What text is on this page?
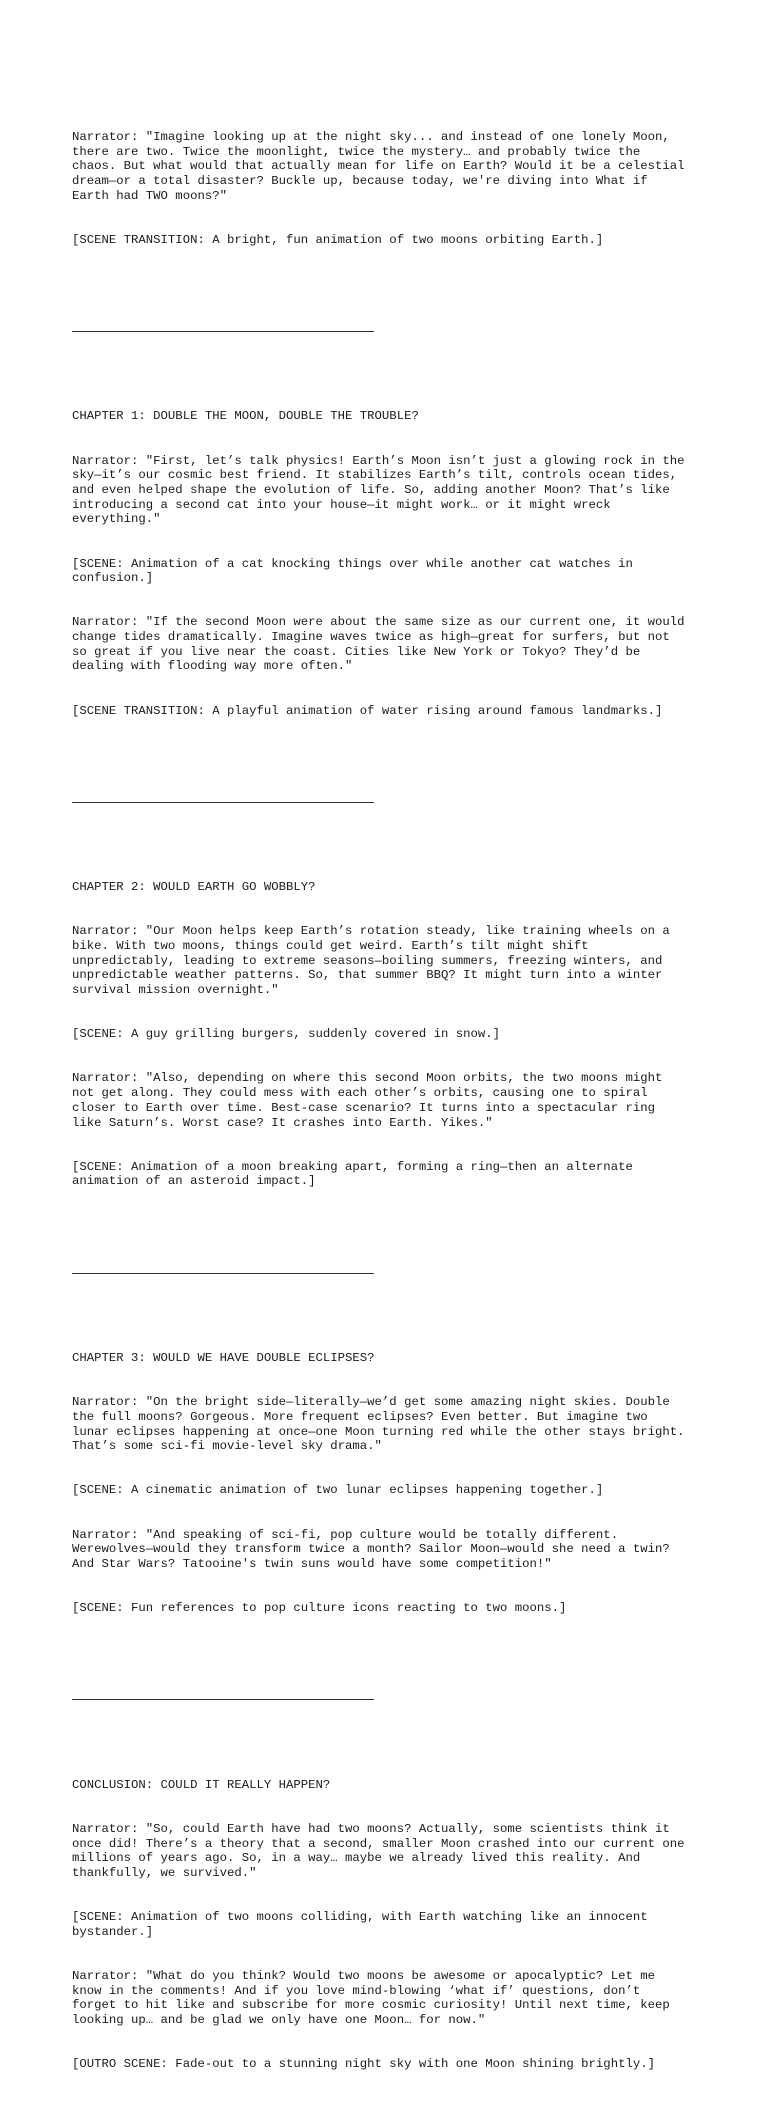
Narrator: "Imagine looking up at the night sky... and instead of one lonely Moon,
there are two. Twice the moonlight, twice the mystery… and probably twice the
chaos. But what would that actually mean for life on Earth? Would it be a celestial
dream—or a total disaster? Buckle up, because today, we're diving into What if
Earth had TWO moons?"

[SCENE TRANSITION: A bright, fun animation of two moons orbiting Earth.]

CHAPTER 1: DOUBLE THE MOON, DOUBLE THE TROUBLE?

Narrator: "First, let’s talk physics! Earth’s Moon isn’t just a glowing rock in the
sky—it’s our cosmic best friend. It stabilizes Earth’s tilt, controls ocean tides,
and even helped shape the evolution of life. So, adding another Moon? That’s like
introducing a second cat into your house—it might work… or it might wreck
everything."

[SCENE: Animation of a cat knocking things over while another cat watches in
confusion.]

Narrator: "If the second Moon were about the same size as our current one, it would
change tides dramatically. Imagine waves twice as high—great for surfers, but not
so great if you live near the coast. Cities like New York or Tokyo? They’d be
dealing with flooding way more often."

[SCENE TRANSITION: A playful animation of water rising around famous landmarks.]

CHAPTER 2: WOULD EARTH GO WOBBLY?

Narrator: "Our Moon helps keep Earth’s rotation steady, like training wheels on a
bike. With two moons, things could get weird. Earth’s tilt might shift
unpredictably, leading to extreme seasons—boiling summers, freezing winters, and
unpredictable weather patterns. So, that summer BBQ? It might turn into a winter
survival mission overnight."

[SCENE: A guy grilling burgers, suddenly covered in snow.]

Narrator: "Also, depending on where this second Moon orbits, the two moons might
not get along. They could mess with each other’s orbits, causing one to spiral
closer to Earth over time. Best-case scenario? It turns into a spectacular ring
like Saturn’s. Worst case? It crashes into Earth. Yikes."

[SCENE: Animation of a moon breaking apart, forming a ring—then an alternate
animation of an asteroid impact.]

CHAPTER 3: WOULD WE HAVE DOUBLE ECLIPSES?

Narrator: "On the bright side—literally—we’d get some amazing night skies. Double
the full moons? Gorgeous. More frequent eclipses? Even better. But imagine two
lunar eclipses happening at once—one Moon turning red while the other stays bright.
That’s some sci-fi movie-level sky drama."

[SCENE: A cinematic animation of two lunar eclipses happening together.]

Narrator: "And speaking of sci-fi, pop culture would be totally different.
Werewolves—would they transform twice a month? Sailor Moon—would she need a twin?
And Star Wars? Tatooine's twin suns would have some competition!"

[SCENE: Fun references to pop culture icons reacting to two moons.]

CONCLUSION: COULD IT REALLY HAPPEN?

Narrator: "So, could Earth have had two moons? Actually, some scientists think it
once did! There’s a theory that a second, smaller Moon crashed into our current one
millions of years ago. So, in a way… maybe we already lived this reality. And
thankfully, we survived."

[SCENE: Animation of two moons colliding, with Earth watching like an innocent
bystander.]

Narrator: "What do you think? Would two moons be awesome or apocalyptic? Let me
know in the comments! And if you love mind-blowing ‘what if’ questions, don’t
forget to hit like and subscribe for more cosmic curiosity! Until next time, keep
looking up… and be glad we only have one Moon… for now."

[OUTRO SCENE: Fade-out to a stunning night sky with one Moon shining brightly.]
